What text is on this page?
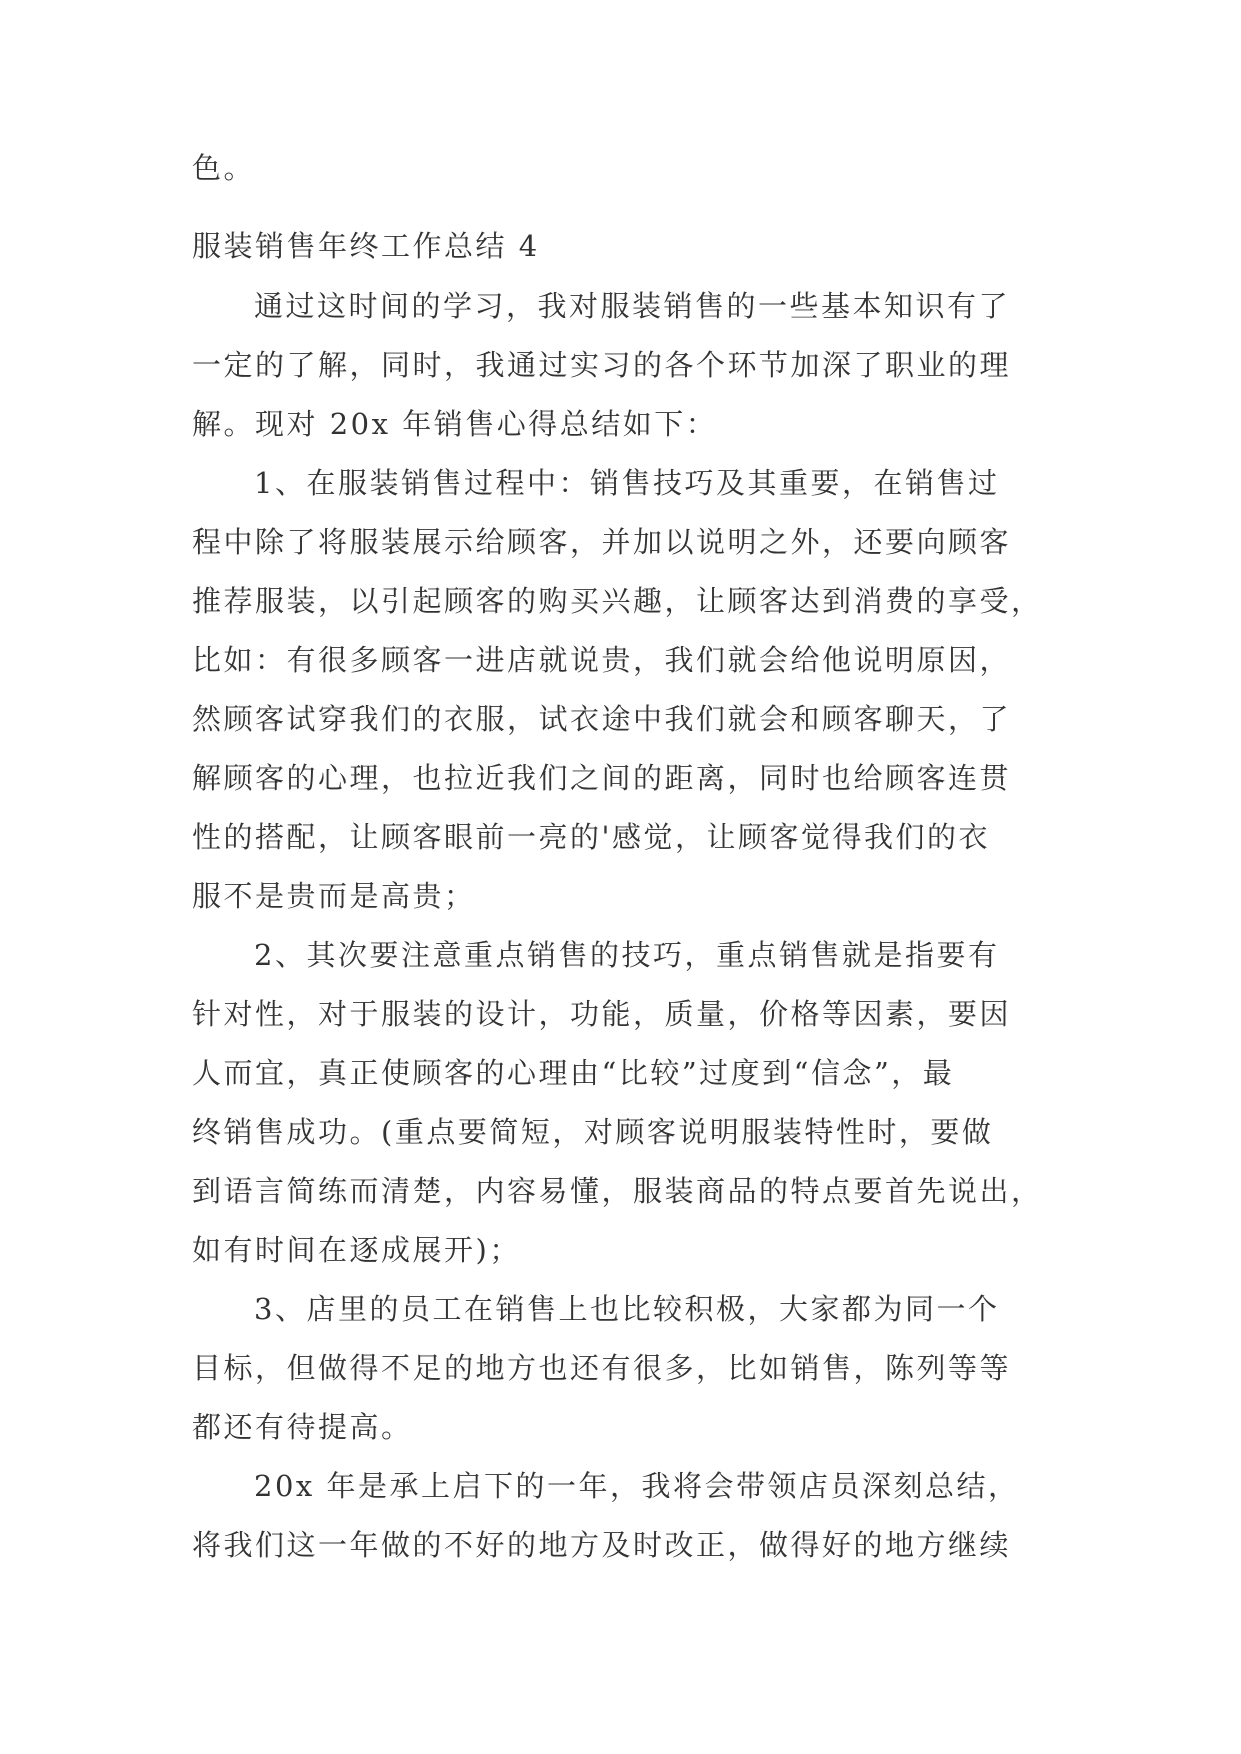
色。
服装销售年终工作总结 4
通过这时间的学习，我对服装销售的一些基本知识有了
一定的了解，同时，我通过实习的各个环节加深了职业的理
解。现对 20x 年销售心得总结如下：
1、在服装销售过程中：销售技巧及其重要，在销售过
程中除了将服装展示给顾客，并加以说明之外，还要向顾客
推荐服装，以引起顾客的购买兴趣，让顾客达到消费的享受，
比如：有很多顾客一进店就说贵，我们就会给他说明原因，
然顾客试穿我们的衣服，试衣途中我们就会和顾客聊天，了
解顾客的心理，也拉近我们之间的距离，同时也给顾客连贯
性的搭配，让顾客眼前一亮的'感觉，让顾客觉得我们的衣
服不是贵而是高贵；
2、其次要注意重点销售的技巧，重点销售就是指要有
针对性，对于服装的设计，功能，质量，价格等因素，要因
人而宜，真正使顾客的心理由“比较”过度到“信念”，最
终销售成功。(重点要简短，对顾客说明服装特性时，要做
到语言简练而清楚，内容易懂，服装商品的特点要首先说出，
如有时间在逐成展开)；
3、店里的员工在销售上也比较积极，大家都为同一个
目标，但做得不足的地方也还有很多，比如销售，陈列等等
都还有待提高。
20x 年是承上启下的一年，我将会带领店员深刻总结，
将我们这一年做的不好的地方及时改正，做得好的地方继续
